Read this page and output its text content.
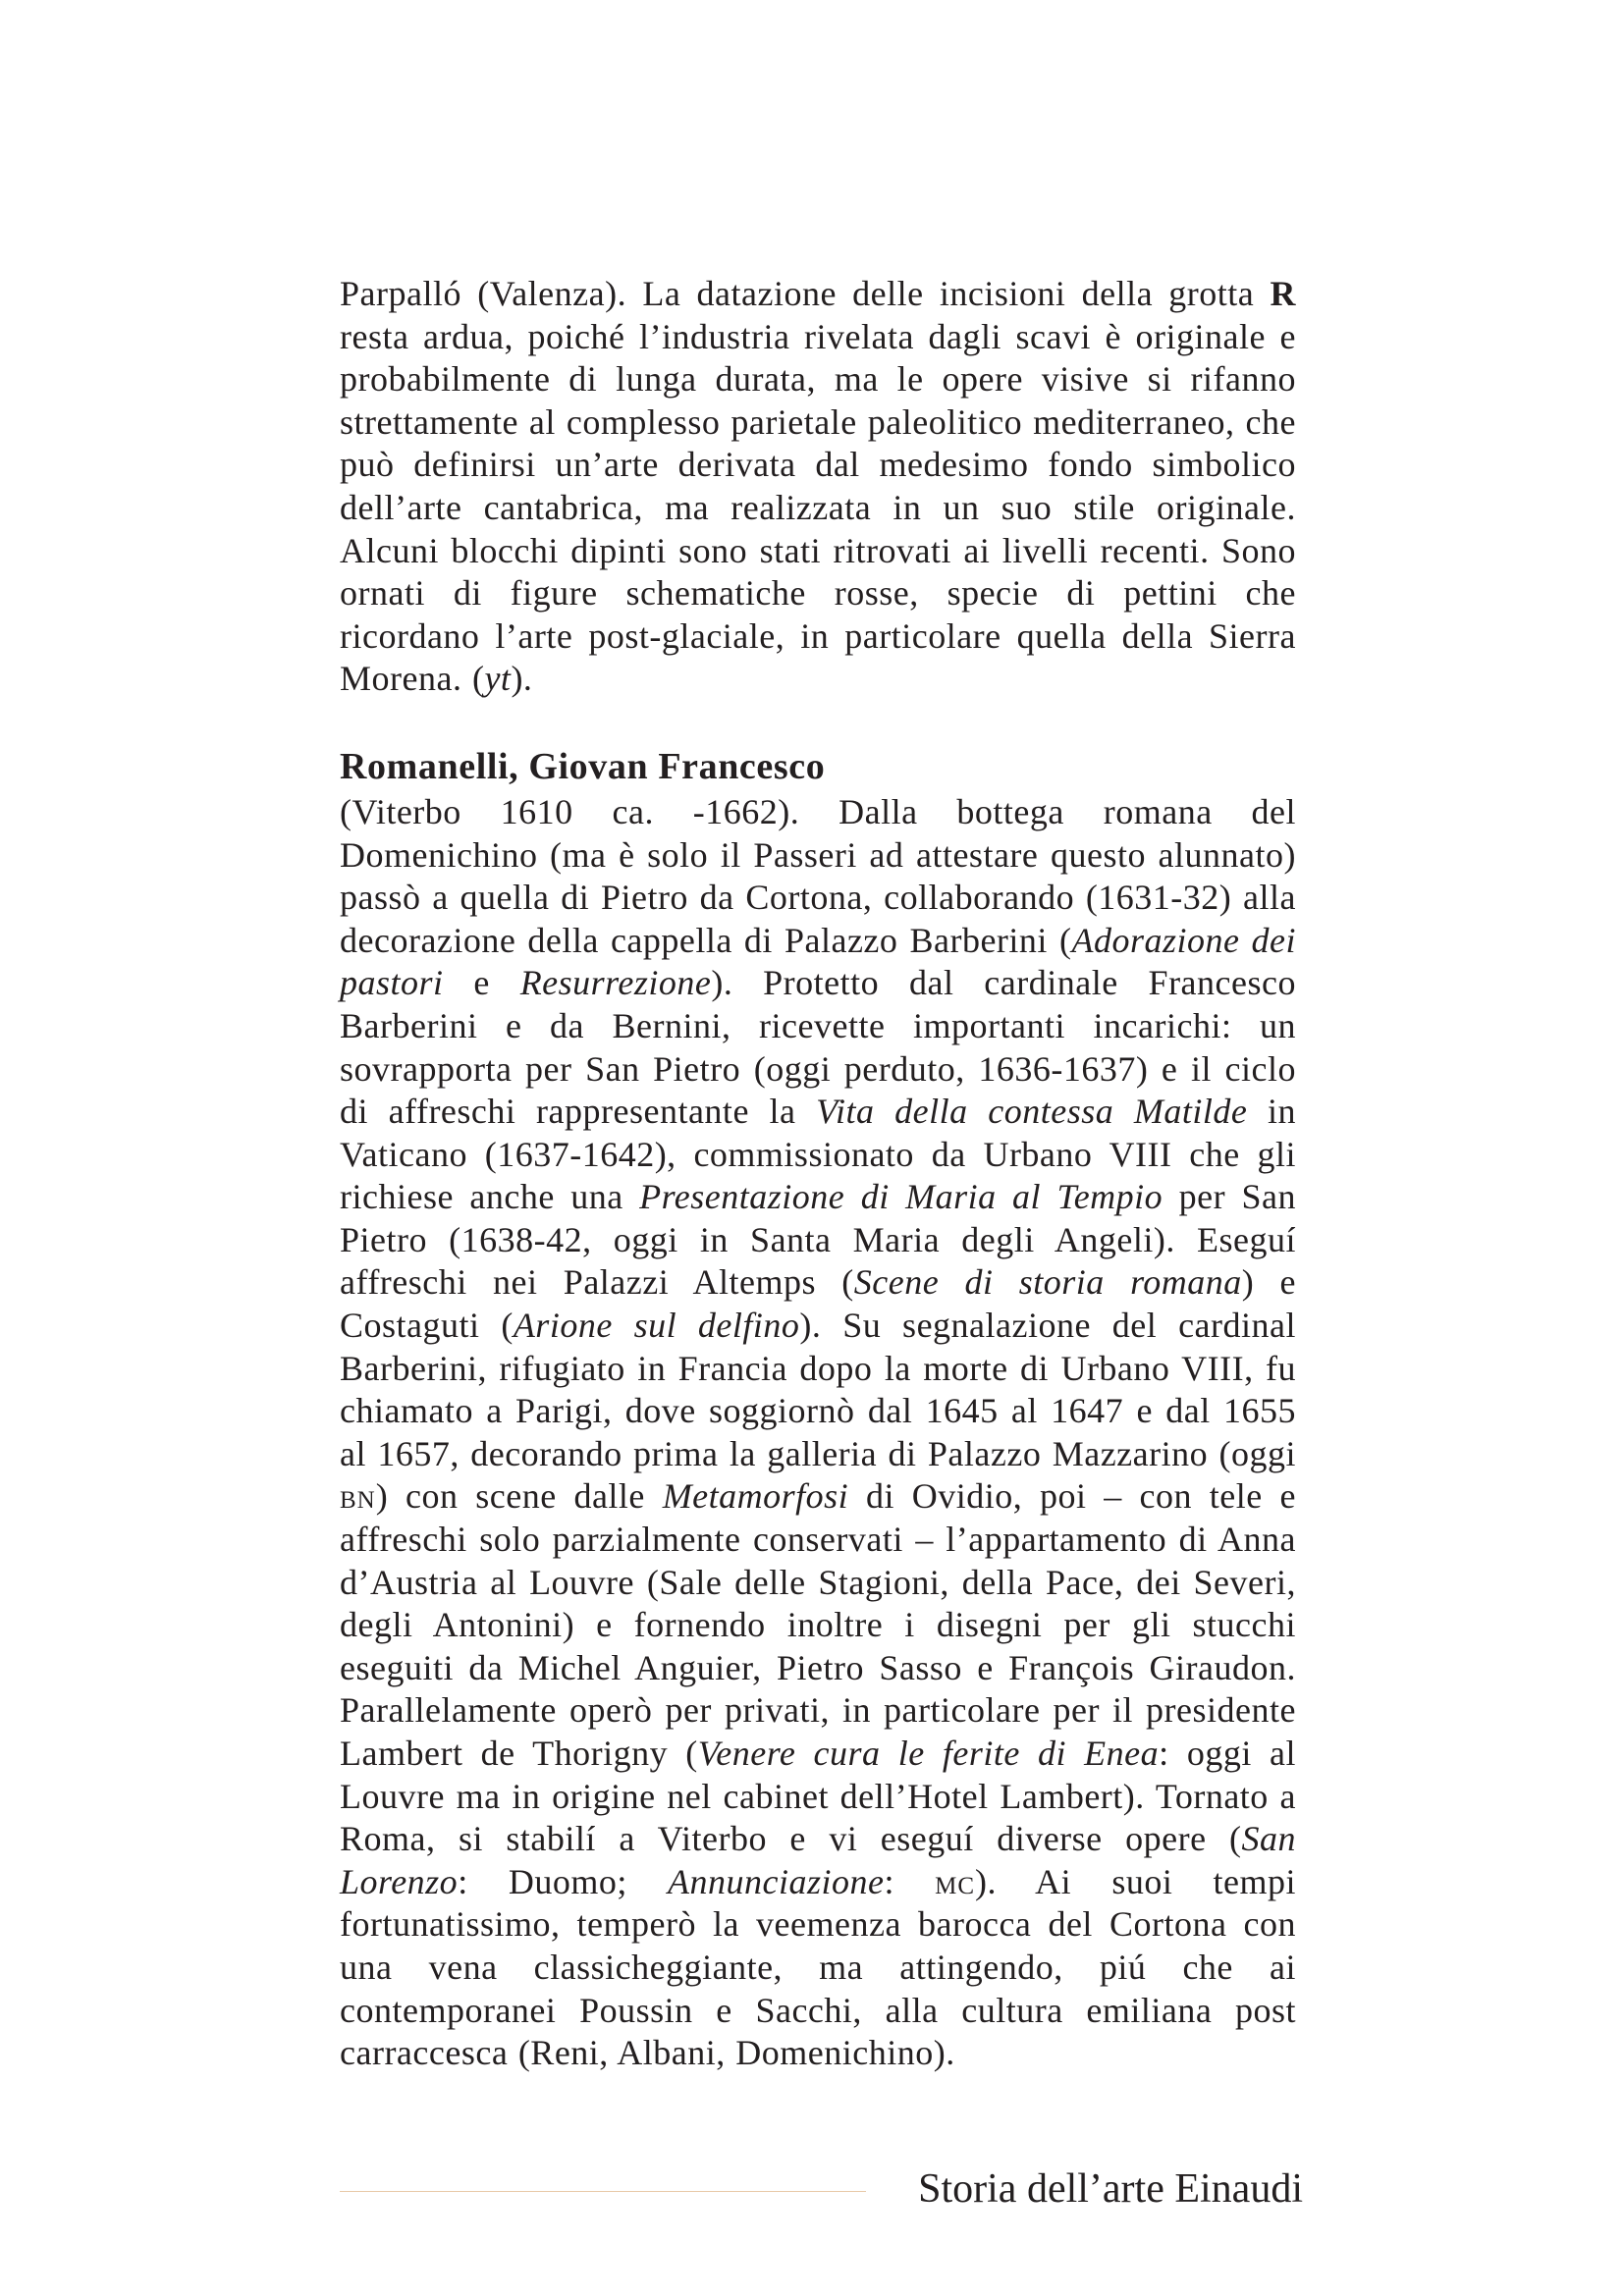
Parpalló (Valenza). La datazione delle incisioni della grotta R resta ardua, poiché l’industria rivelata dagli scavi è originale e probabilmente di lunga durata, ma le opere visive si rifanno strettamente al complesso parietale paleolitico mediterraneo, che può definirsi un’arte derivata dal medesimo fondo simbolico dell’arte cantabrica, ma realizzata in un suo stile originale. Alcuni blocchi dipinti sono stati ritrovati ai livelli recenti. Sono ornati di figure schematiche rosse, specie di pettini che ricordano l’arte post-glaciale, in particolare quella della Sierra Morena. (yt).

Romanelli, Giovan Francesco

(Viterbo 1610 ca. -1662). Dalla bottega romana del Domenichino (ma è solo il Passeri ad attestare questo alunnato) passò a quella di Pietro da Cortona, collaborando (1631-32) alla decorazione della cappella di Palazzo Barberini (Adorazione dei pastori e Resurrezione). Protetto dal cardinale Francesco Barberini e da Bernini, ricevette importanti incarichi: un sovrapporta per San Pietro (oggi perduto, 1636-1637) e il ciclo di affreschi rappresentante la Vita della contessa Matilde in Vaticano (1637-1642), commissionato da Urbano VIII che gli richiese anche una Presentazione di Maria al Tempio per San Pietro (1638-42, oggi in Santa Maria degli Angeli). Eseguí affreschi nei Palazzi Altemps (Scene di storia romana) e Costaguti (Arione sul delfino). Su segnalazione del cardinal Barberini, rifugiato in Francia dopo la morte di Urbano VIII, fu chiamato a Parigi, dove soggiornò dal 1645 al 1647 e dal 1655 al 1657, decorando prima la galleria di Palazzo Mazzarino (oggi bn) con scene dalle Metamorfosi di Ovidio, poi – con tele e affreschi solo parzialmente conservati – l’appartamento di Anna d’Austria al Louvre (Sale delle Stagioni, della Pace, dei Severi, degli Antonini) e fornendo inoltre i disegni per gli stucchi eseguiti da Michel Anguier, Pietro Sasso e François Giraudon. Parallelamente operò per privati, in particolare per il presidente Lambert de Thorigny (Venere cura le ferite di Enea: oggi al Louvre ma in origine nel cabinet dell’Hotel Lambert). Tornato a Roma, si stabilí a Viterbo e vi eseguí diverse opere (San Lorenzo: Duomo; Annunciazione: mc). Ai suoi tempi fortunatissimo, temperò la veemenza barocca del Cortona con una vena classicheggiante, ma attingendo, piú che ai contemporanei Poussin e Sacchi, alla cultura emiliana post carraccesca (Reni, Albani, Domenichino).

Storia dell’arte Einaudi
